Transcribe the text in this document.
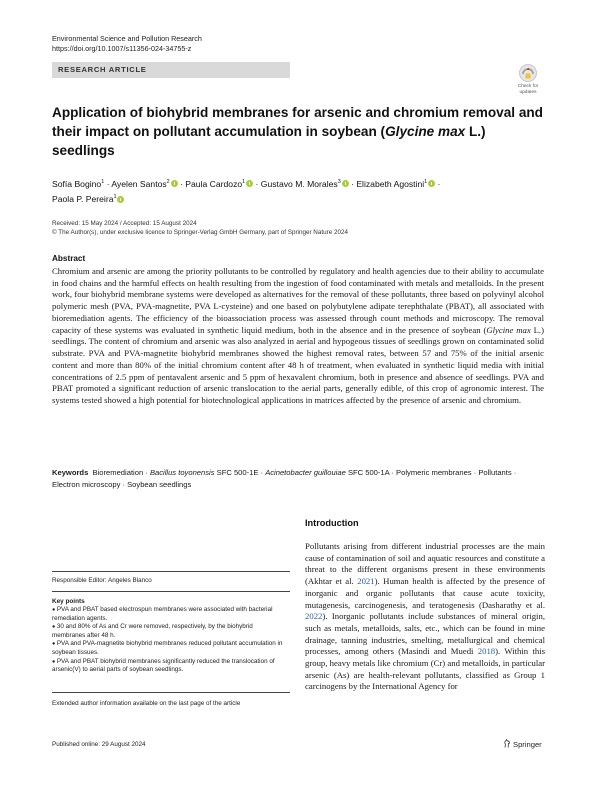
Environmental Science and Pollution Research
https://doi.org/10.1007/s11356-024-34755-z
RESEARCH ARTICLE
Check for
updates
Application of biohybrid membranes for arsenic and chromium removal and their impact on pollutant accumulation in soybean (Glycine max L.) seedlings
Sofía Bogino$^1$ · Ayelen Santos$^2$ · Paula Cardozo$^1$ · Gustavo M. Morales$^3$ · Elizabeth Agostini$^1$ ·
Paola P. Pereira$^1$
Received: 15 May 2024 / Accepted: 15 August 2024
© The Author(s), under exclusive licence to Springer-Verlag GmbH Germany, part of Springer Nature 2024
Abstract

Chromium and arsenic are among the priority pollutants to be controlled by regulatory and health agencies due to their ability to accumulate in food chains and the harmful effects on health resulting from the ingestion of food contaminated with metals and metalloids. In the present work, four biohybrid membrane systems were developed as alternatives for the removal of these pollutants, three based on polyvinyl alcohol polymeric mesh (PVA, PVA-magnetite, PVA L-cysteine) and one based on polybutylene adipate terephthalate (PBAT), all associated with bioremediation agents. The efficiency of the bioassociation process was assessed through count methods and microscopy. The removal capacity of these systems was evaluated in synthetic liquid medium, both in the absence and in the presence of soybean (Glycine max L.) seedlings. The content of chromium and arsenic was also analyzed in aerial and hypogeous tissues of seedlings grown on contaminated solid substrate. PVA and PVA-magnetite biohybrid membranes showed the highest removal rates, between 57 and 75% of the initial arsenic content and more than 80% of the initial chromium content after 48 h of treatment, when evaluated in synthetic liquid media with initial concentrations of 2.5 ppm of pentavalent arsenic and 5 ppm of hexavalent chromium, both in presence and absence of seedlings. PVA and PBAT promoted a significant reduction of arsenic translocation to the aerial parts, generally edible, of this crop of agronomic interest. The systems tested showed a high potential for biotechnological applications in matrices affected by the presence of arsenic and chromium.

Keywords Bioremediation · Bacillus toyonensis SFC 500-1E · Acinetobacter guillouiae SFC 500-1A · Polymeric membranes · Pollutants · Electron microscopy · Soybean seedlings

Responsible Editor: Angeles Blanco
Key points
● PVA and PBAT based electrospun membranes were associated with bacterial remediation agents.
● 30 and 80% of As and Cr were removed, respectively, by the biohybrid membranes after 48 h.
● PVA and PVA-magnetite biohybrid membranes reduced pollutant accumulation in soybean tissues.
● PVA and PBAT biohybrid membranes significantly reduced the translocation of arsenic(V) to aerial parts of soybean seedlings.
Extended author information available on the last page of the article
Introduction

Pollutants arising from different industrial processes are the main cause of contamination of soil and aquatic resources and constitute a threat to the different organisms present in these environments (Akhtar et al. 2021). Human health is affected by the presence of inorganic and organic pollutants that cause acute toxicity, mutagenesis, carcinogenesis, and teratogenesis (Dasharathy et al. 2022). Inorganic pollutants include substances of mineral origin, such as metals, metalloids, salts, etc., which can be found in mine drainage, tanning industries, smelting, metallurgical and chemical processes, among others (Masindi and Muedi 2018). Within this group, heavy metals like chromium (Cr) and metalloids, in particular arsenic (As) are health-relevant pollutants, classified as Group 1 carcinogens by the International Agency for

Published online: 29 August 2024	Springer
